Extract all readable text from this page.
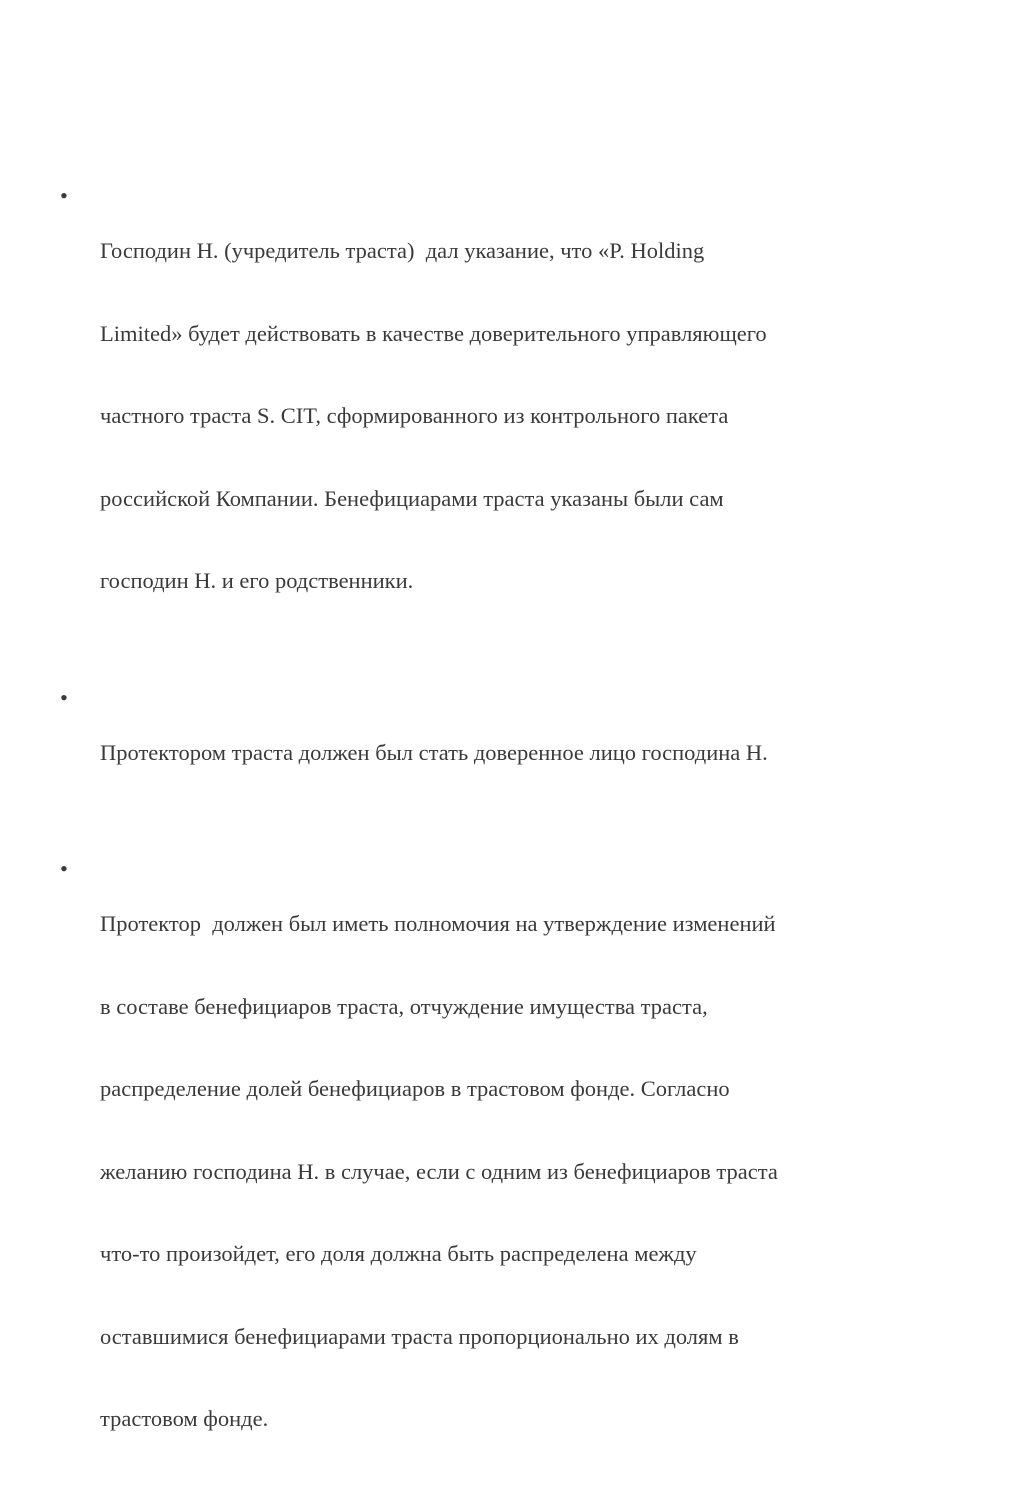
•

Господин Н. (учредитель траста)  дал указание, что «P. Holding

Limited» будет действовать в качестве доверительного управляющего

частного траста S. CIT, сформированного из контрольного пакета

российской Компании. Бенефициарами траста указаны были сам

господин Н. и его родственники.

•

Протектором траста должен был стать доверенное лицо господина Н.

•

Протектор  должен был иметь полномочия на утверждение изменений

в составе бенефициаров траста, отчуждение имущества траста,

распределение долей бенефициаров в трастовом фонде. Согласно

желанию господина Н. в случае, если с одним из бенефициаров траста

что-то произойдет, его доля должна быть распределена между

оставшимися бенефициарами траста пропорционально их долям в

трастовом фонде.
